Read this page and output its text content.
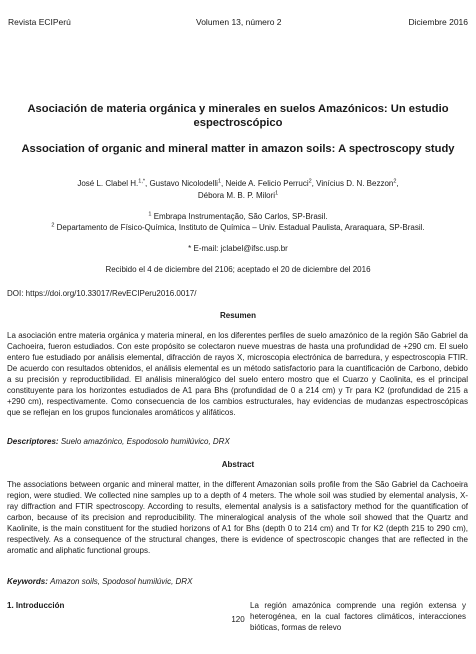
Revista ECIPerú	Volumen 13, número 2	Diciembre 2016
Asociación de materia orgánica y minerales en suelos Amazónicos: Un estudio espectroscópico
Association of organic and mineral matter in amazon soils: A spectroscopy study
José L. Clabel H.$^{1,*}$, Gustavo Nicolodelli$^1$, Neide A. Felicio Perruci$^2$, Vinícius D. N. Bezzon$^2$,
Débora M. B. P. Milori$^1$
$^1$ Embrapa Instrumentação, São Carlos, SP-Brasil.
$^2$ Departamento de Físico-Química, Instituto de Química – Univ. Estadual Paulista, Araraquara, SP-Brasil.
* E-mail: jclabel@ifsc.usp.br
Recibido el 4 de diciembre del 2106; aceptado el 20 de diciembre del 2016
DOI: https://doi.org/10.33017/RevECIPeru2016.0017/
Resumen

La asociación entre materia orgánica y materia mineral, en los diferentes perfiles de suelo amazónico de la región São Gabriel da Cachoeira, fueron estudiados. Con este propósito se colectaron nueve muestras de hasta una profundidad de +290 cm. El suelo entero fue estudiado por análisis elemental, difracción de rayos X, microscopia electrónica de barredura, y espectroscopia FTIR. De acuerdo con resultados obtenidos, el análisis elemental es un método satisfactorio para la cuantificación de Carbono, debido a su precisión y reproductibilidad. El análisis mineralógico del suelo entero mostro que el Cuarzo y Caolinita, es el principal constituyente para los horizontes estudiados de A1 para Bhs (profundidad de 0 a 214 cm) y Tr para K2 (profundidad de 215 a +290 cm), respectivamente. Como consecuencia de los cambios estructurales, hay evidencias de mudanzas espectroscópicas que se reflejan en los grupos funcionales aromáticos y alifáticos.

Descriptores: Suelo amazónico, Espodosolo humilúvico, DRX
Abstract

The associations between organic and mineral matter, in the different Amazonian soils profile from the São Gabriel da Cachoeira region, were studied. We collected nine samples up to a depth of 4 meters. The whole soil was studied by elemental analysis, X-ray diffraction and FTIR spectroscopy. According to results, elemental analysis is a satisfactory method for the quantification of carbon, because of its precision and reproducibility. The mineralogical analysis of the whole soil showed that the Quartz and Kaolinite, is the main constituent for the studied horizons of A1 for Bhs (depth 0 to 214 cm) and Tr for K2 (depth 215 to 290 cm), respectively. As a consequence of the structural changes, there is evidence of spectroscopic changes that are reflected in the aromatic and aliphatic functional groups.

Keywords: Amazon soils, Spodosol humilúvic, DRX
1. Introducción	La región amazónica comprende una región extensa y heterogénea, en la cual factores climáticos, interacciones bióticas, formas de relevo

120
